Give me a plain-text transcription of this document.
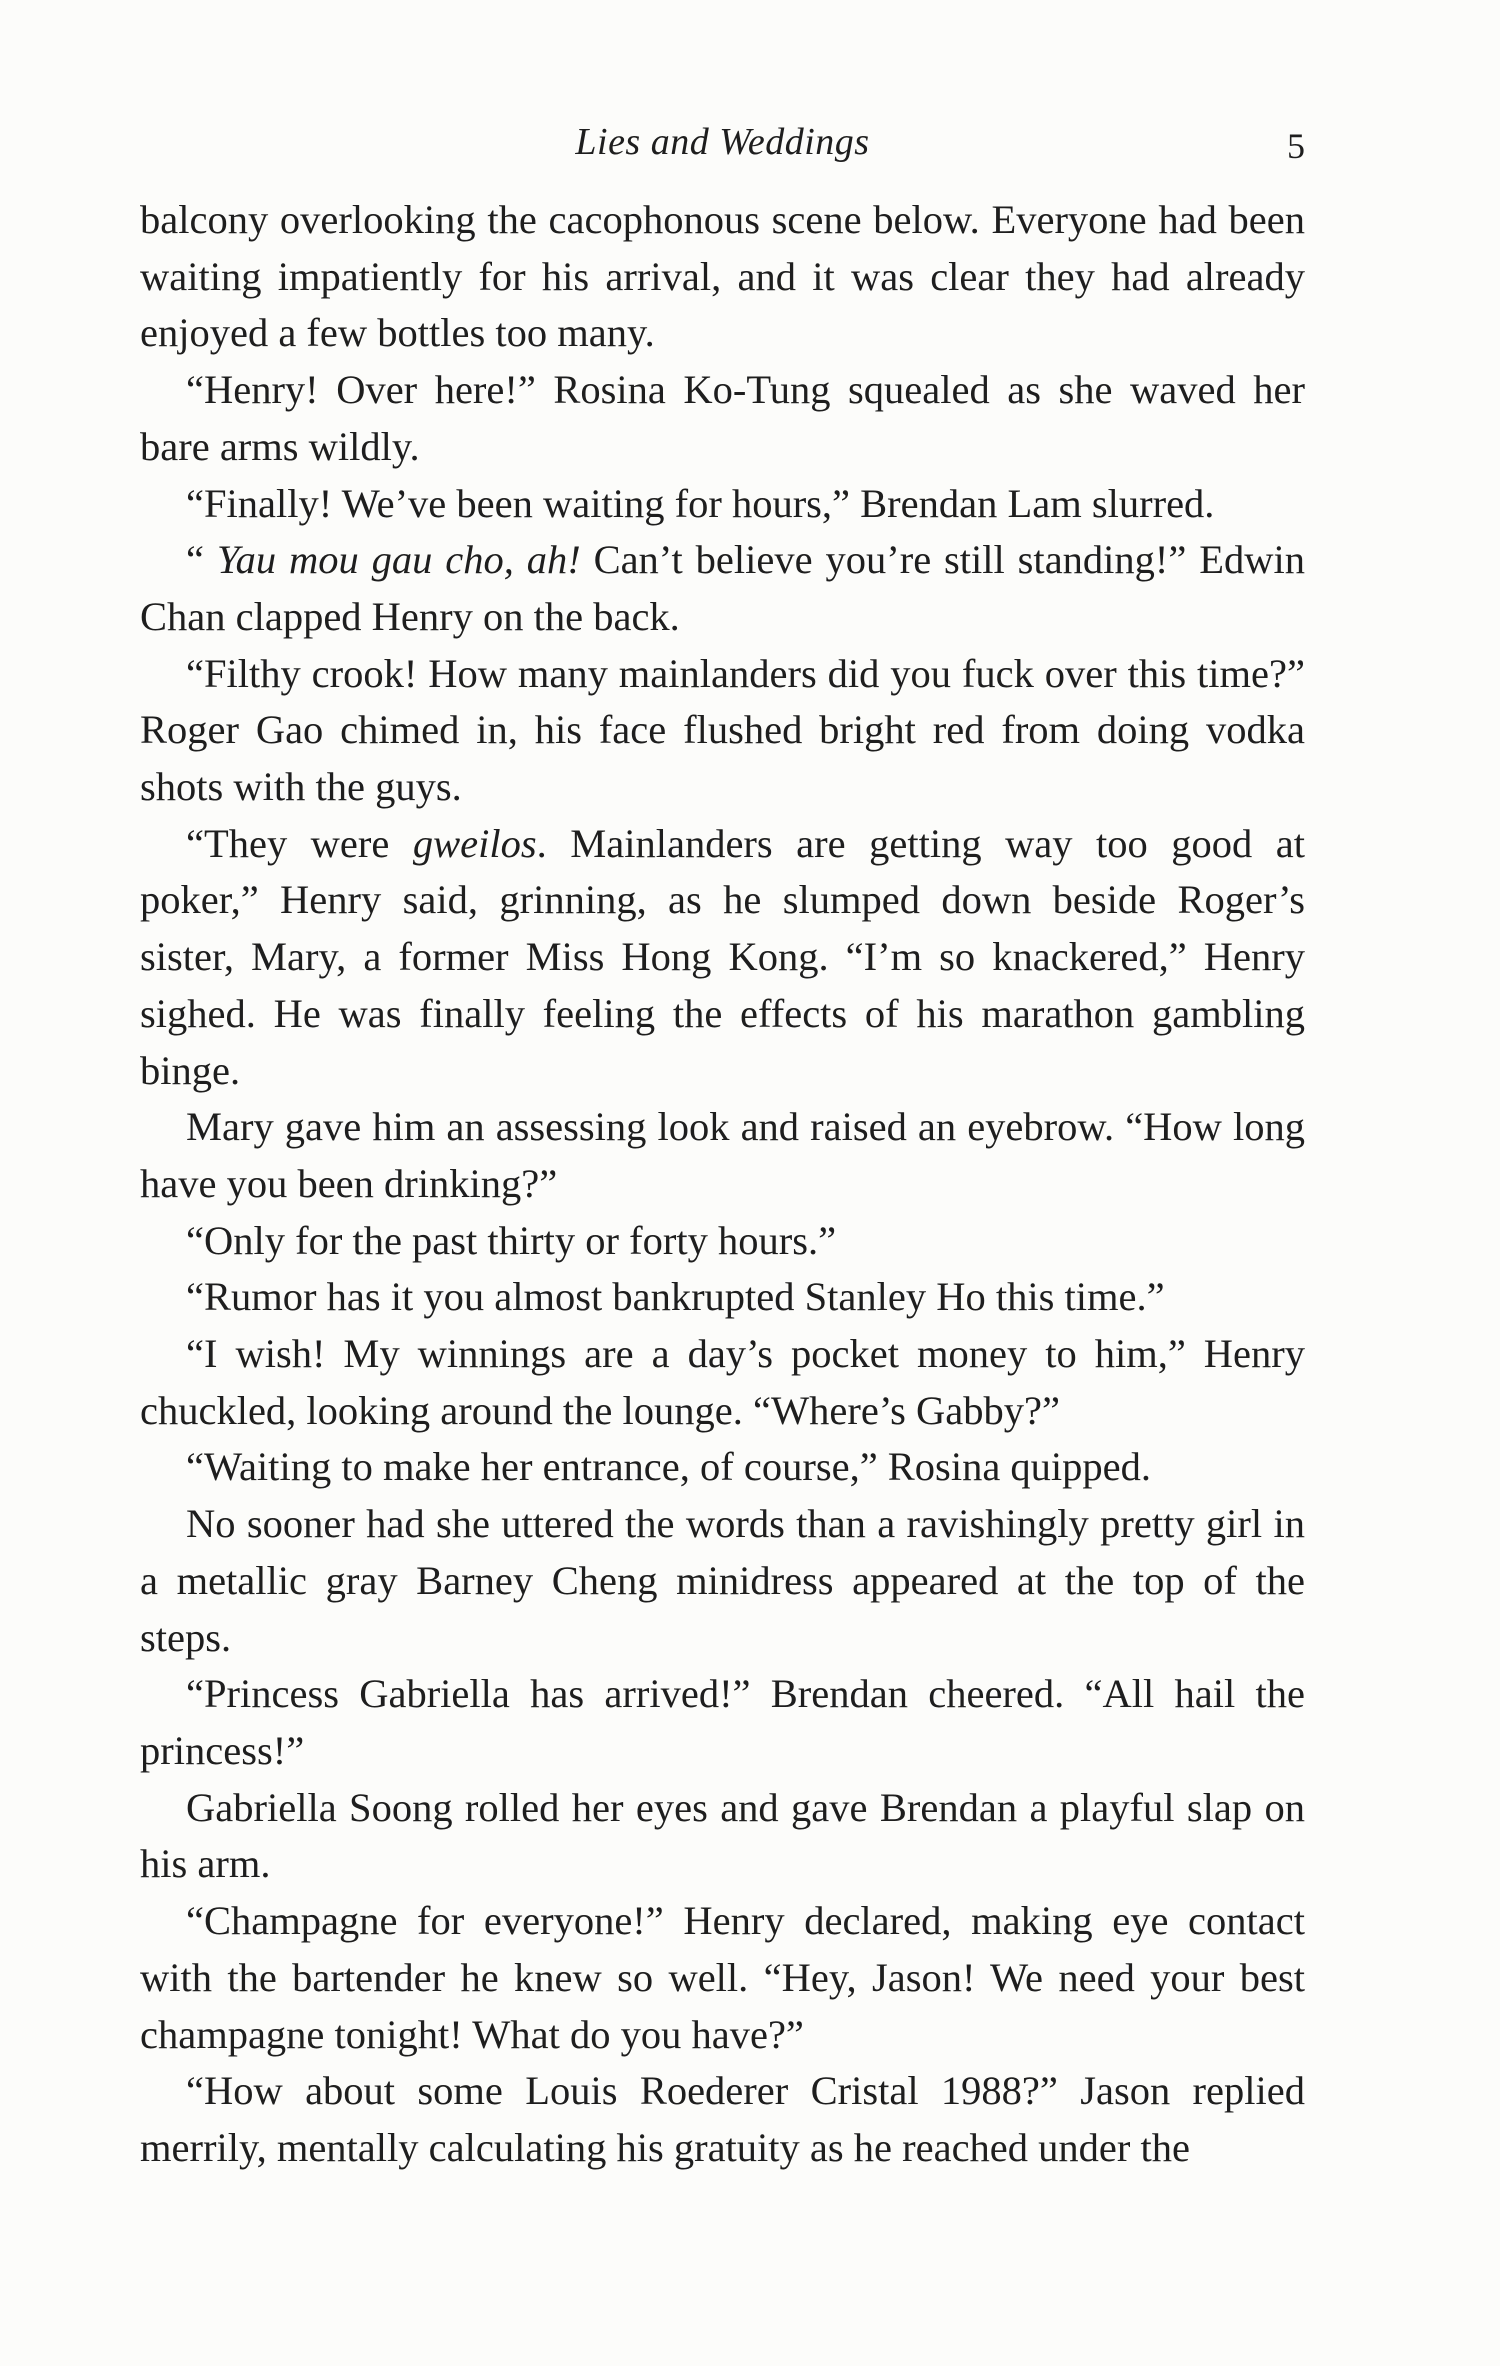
Lies and Weddings	5

balcony overlooking the cacophonous scene below. Everyone had been waiting impatiently for his arrival, and it was clear they had already enjoyed a few bottles too many.

“Henry! Over here!” Rosina Ko-Tung squealed as she waved her bare arms wildly.

“Finally! We’ve been waiting for hours,” Brendan Lam slurred.

“ Yau mou gau cho, ah! Can’t believe you’re still standing!” Edwin Chan clapped Henry on the back.

“Filthy crook! How many mainlanders did you fuck over this time?” Roger Gao chimed in, his face flushed bright red from doing vodka shots with the guys.

“They were gweilos. Mainlanders are getting way too good at poker,” Henry said, grinning, as he slumped down beside Roger’s sister, Mary, a former Miss Hong Kong. “I’m so knackered,” Henry sighed. He was finally feeling the effects of his marathon gambling binge.

Mary gave him an assessing look and raised an eyebrow. “How long have you been drinking?”

“Only for the past thirty or forty hours.”

“Rumor has it you almost bankrupted Stanley Ho this time.”

“I wish! My winnings are a day’s pocket money to him,” Henry chuckled, looking around the lounge. “Where’s Gabby?”

“Waiting to make her entrance, of course,” Rosina quipped.

No sooner had she uttered the words than a ravishingly pretty girl in a metallic gray Barney Cheng minidress appeared at the top of the steps.

“Princess Gabriella has arrived!” Brendan cheered. “All hail the princess!”

Gabriella Soong rolled her eyes and gave Brendan a playful slap on his arm.

“Champagne for everyone!” Henry declared, making eye contact with the bartender he knew so well. “Hey, Jason! We need your best champagne tonight! What do you have?”

“How about some Louis Roederer Cristal 1988?” Jason replied merrily, mentally calculating his gratuity as he reached under the
